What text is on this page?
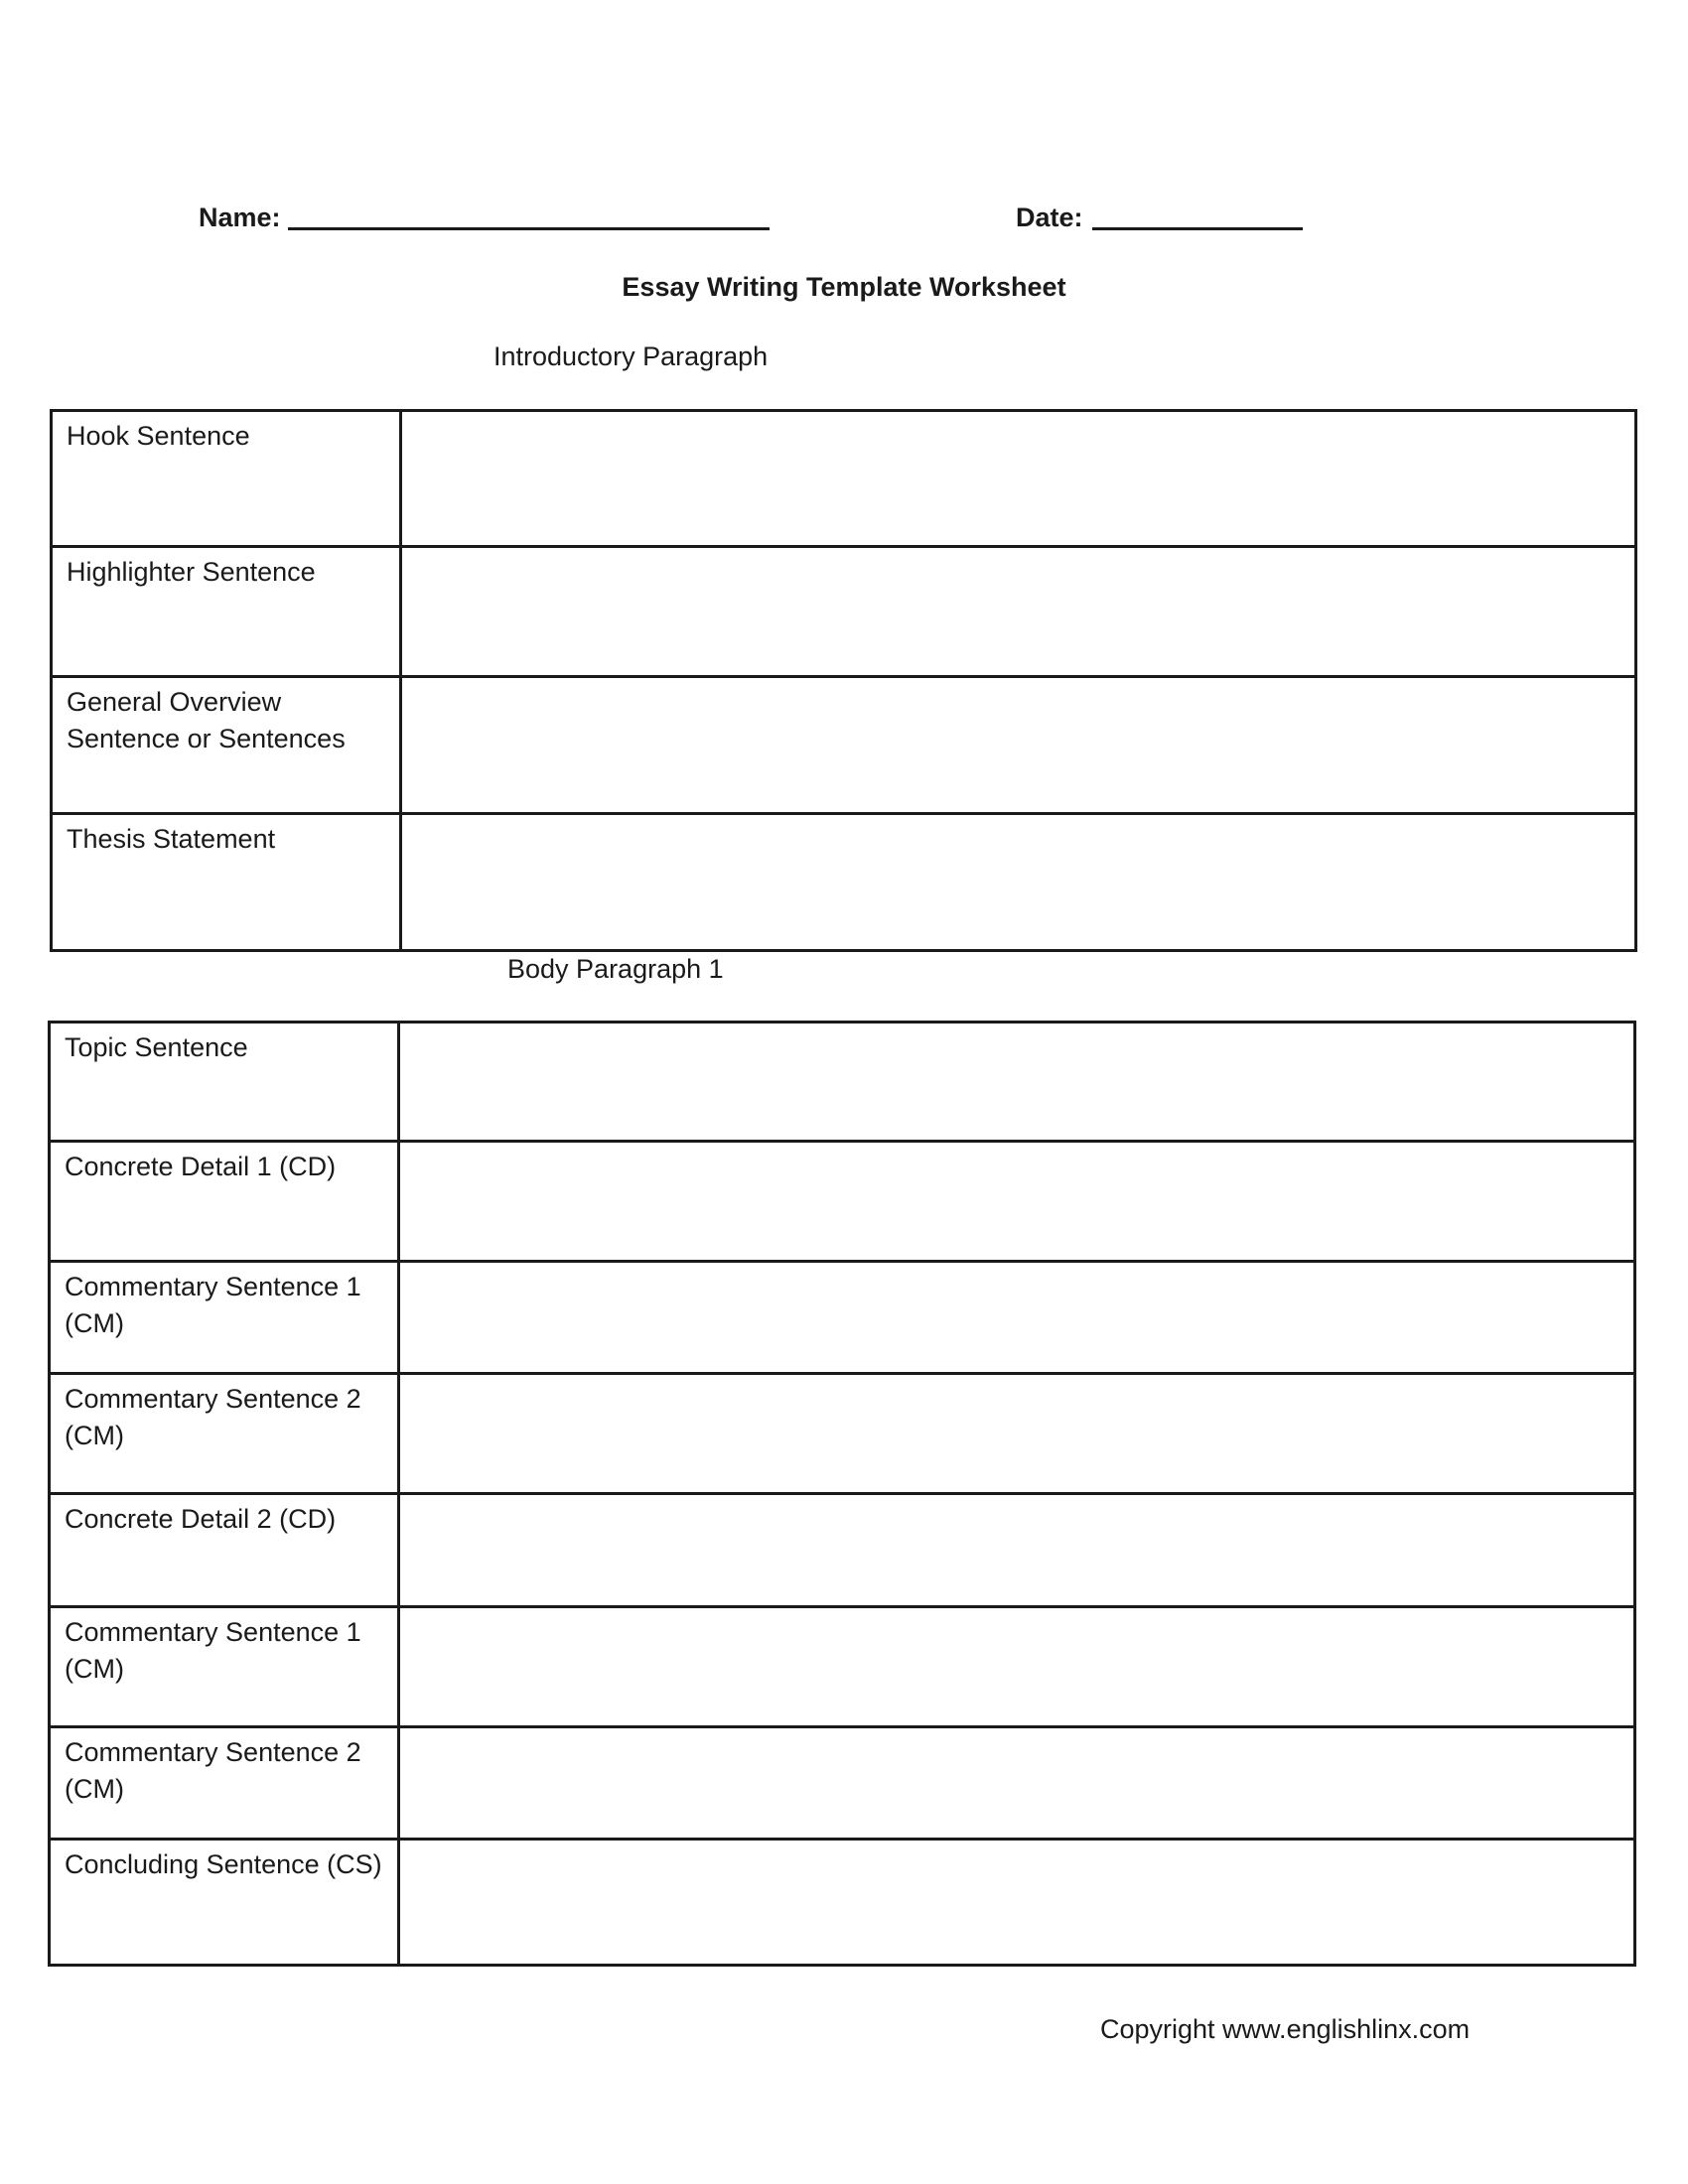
Name:	Date:
Essay Writing Template Worksheet
Introductory Paragraph
Hook Sentence	
Highlighter Sentence	
General Overview Sentence or Sentences	
Thesis Statement	
Body Paragraph 1
Topic Sentence	
Concrete Detail 1 (CD)	
Commentary Sentence 1 (CM)	
Commentary Sentence 2 (CM)	
Concrete Detail 2 (CD)	
Commentary Sentence 1 (CM)	
Commentary Sentence 2 (CM)	
Concluding Sentence (CS)	
Copyright www.englishlinx.com
